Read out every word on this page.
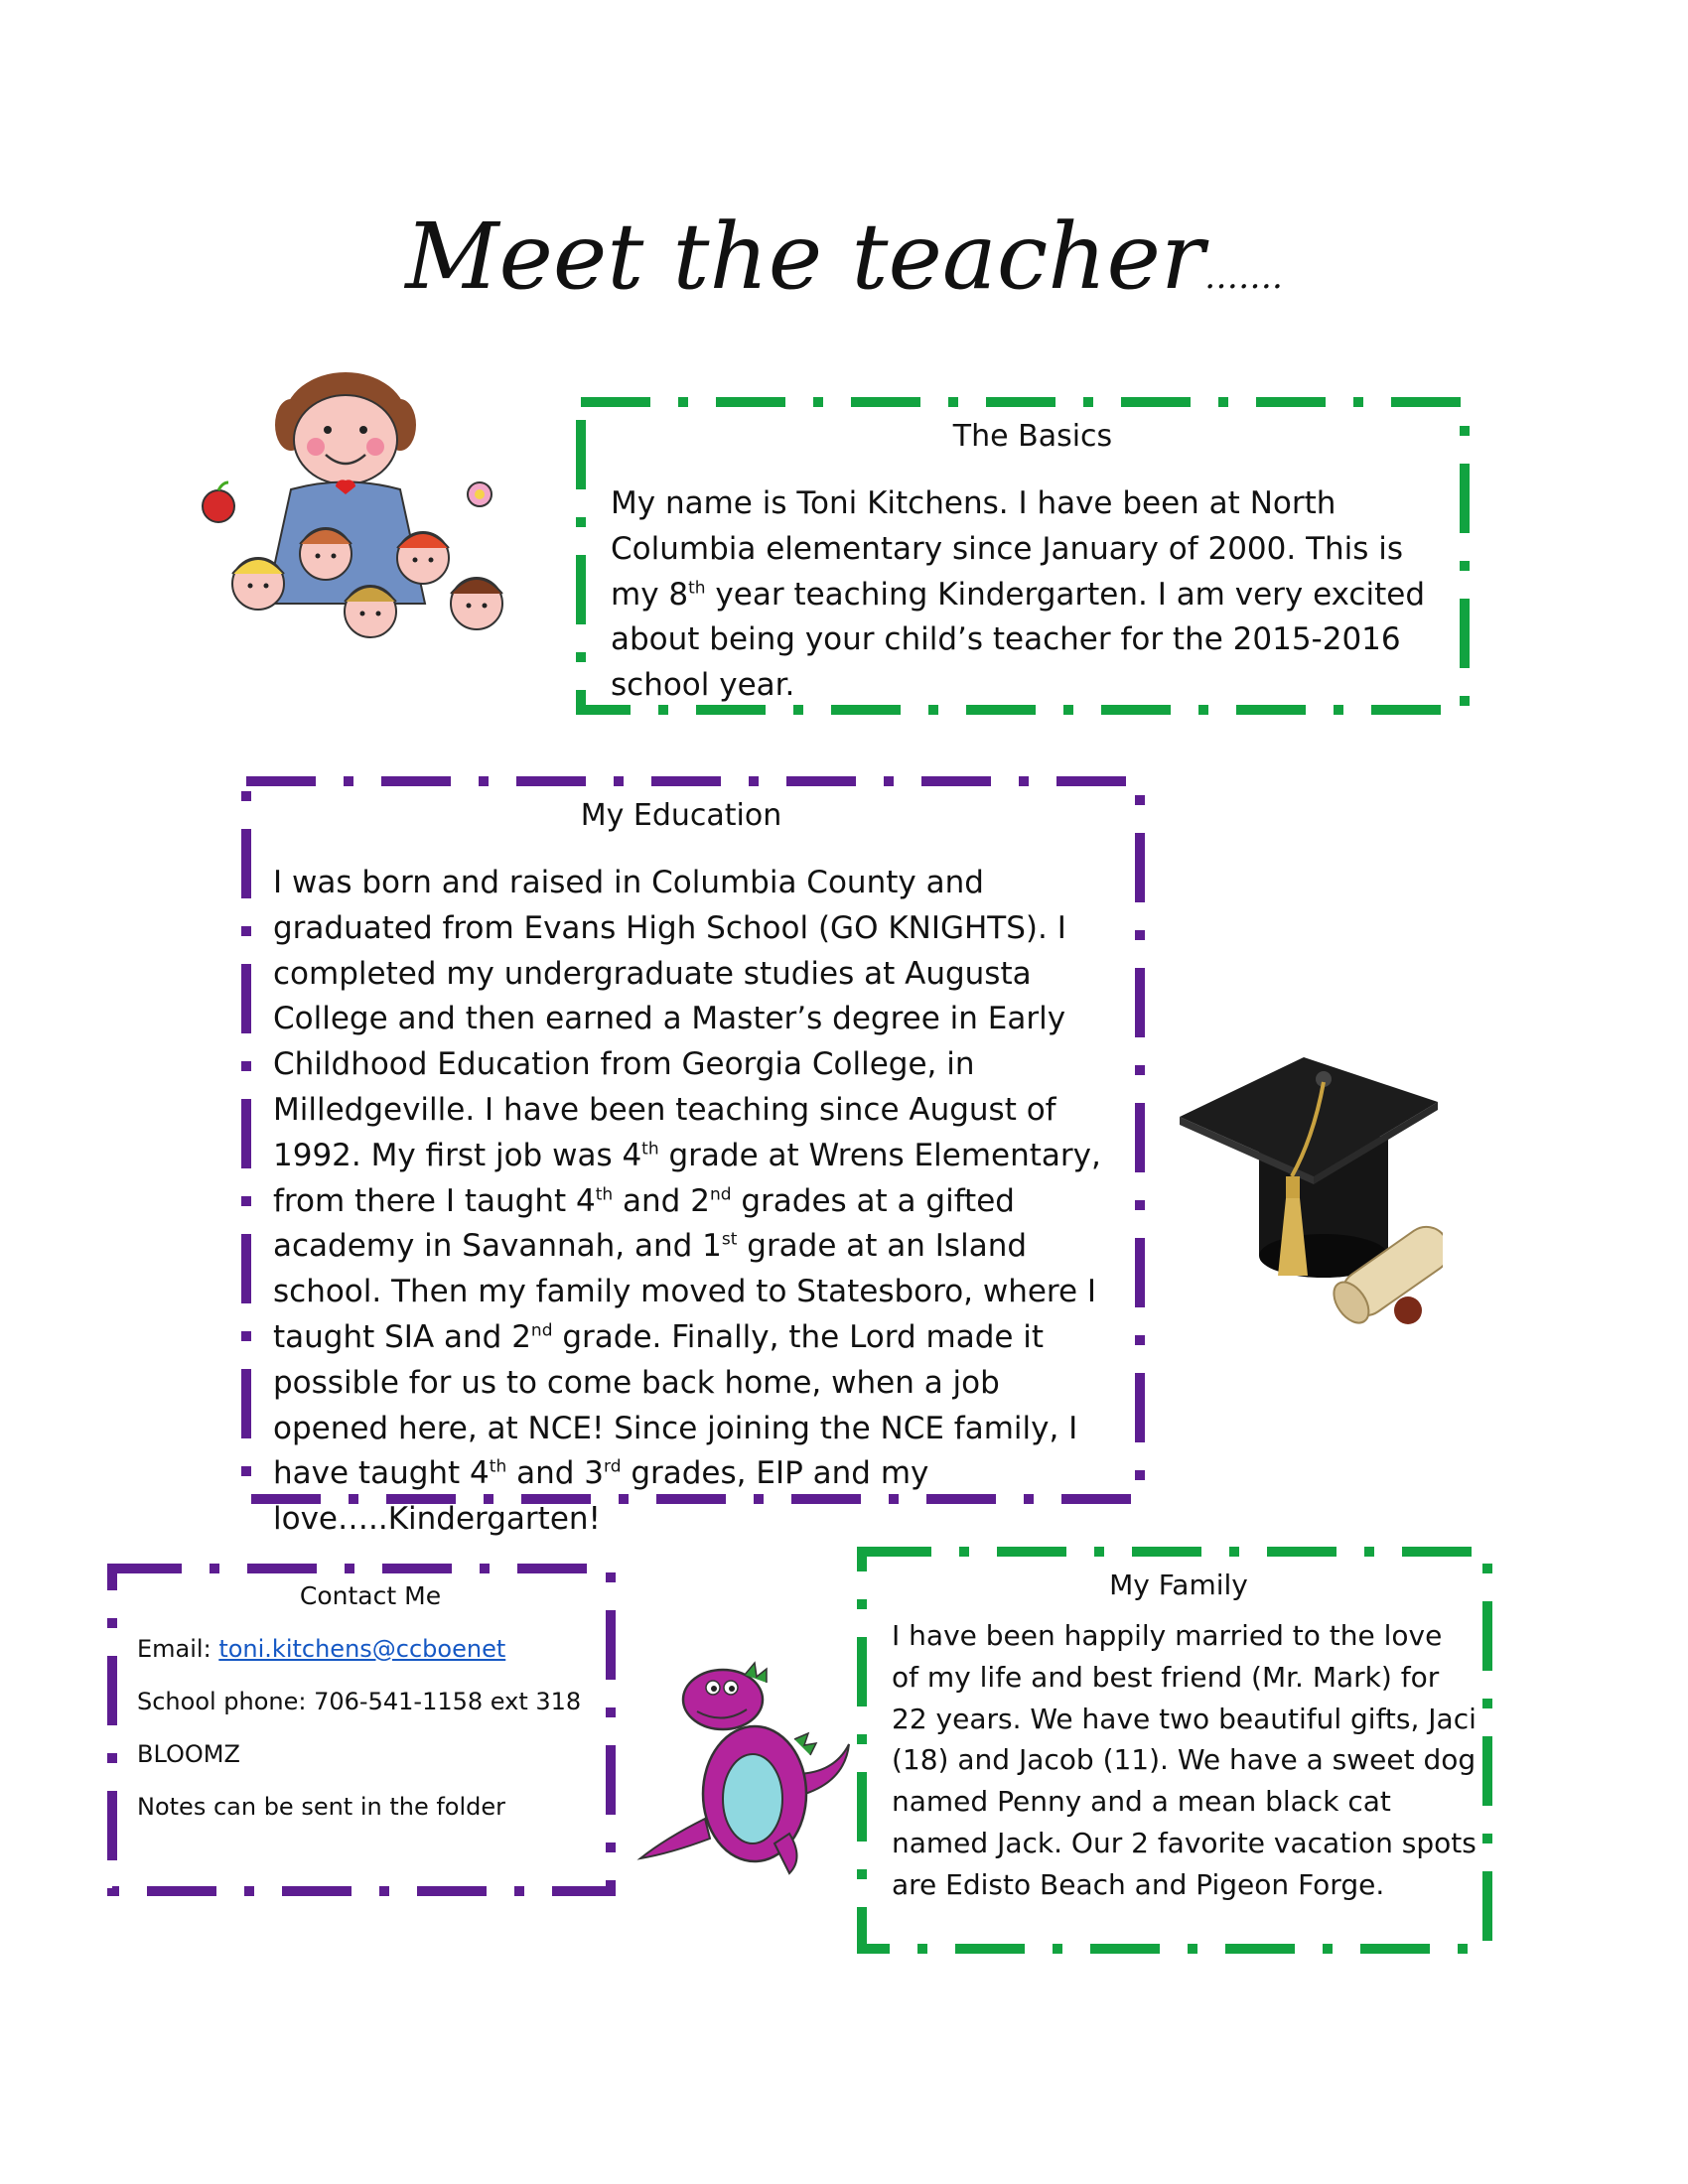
Meet the teacher…….
The Basics
My name is Toni Kitchens. I have been at North Columbia elementary since January of 2000. This is my 8th year teaching Kindergarten. I am very excited about being your child’s teacher for the 2015-2016 school year.
My Education
I was born and raised in Columbia County and graduated from Evans High School (GO KNIGHTS). I completed my undergraduate studies at Augusta College and then earned a Master’s degree in Early Childhood Education from Georgia College, in Milledgeville. I have been teaching since August of 1992. My first job was 4th grade at Wrens Elementary, from there I taught 4th and 2nd grades at a gifted academy in Savannah, and 1st grade at an Island school. Then my family moved to Statesboro, where I taught SIA and 2nd grade. Finally, the Lord made it possible for us to come back home, when a job opened here, at NCE! Since joining the NCE family, I have taught 4th and 3rd grades, EIP and my love…..Kindergarten!
Contact Me
Email: toni.kitchens@ccboenet
School phone: 706-541-1158 ext 318
BLOOMZ
Notes can be sent in the folder
My Family
I have been happily married to the love of my life and best friend (Mr. Mark) for 22 years. We have two beautiful gifts, Jaci (18) and Jacob (11). We have a sweet dog named Penny and a mean black cat named Jack. Our 2 favorite vacation spots are Edisto Beach and Pigeon Forge.
